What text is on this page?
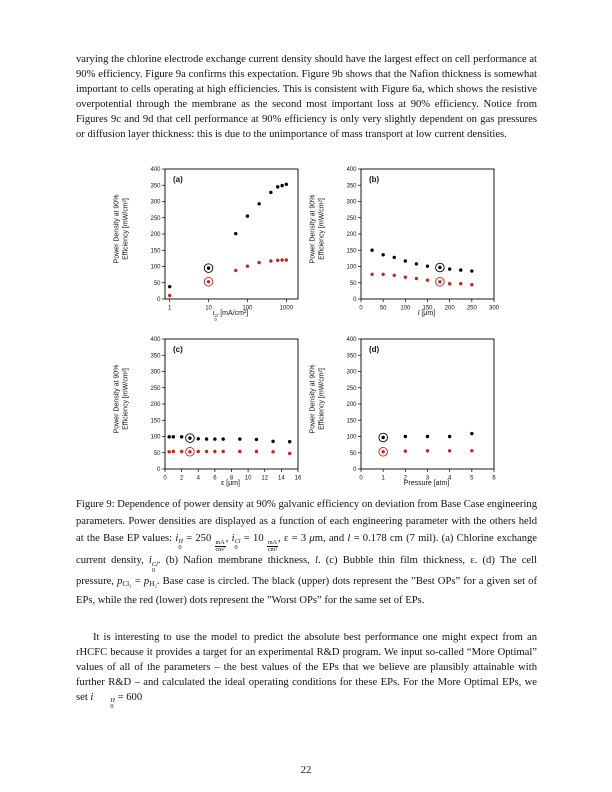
varying the chlorine electrode exchange current density should have the largest effect on cell performance at 90% efficiency. Figure 9a confirms this expectation. Figure 9b shows that the Nafion thickness is somewhat important to cells operating at high efficiencies. This is consistent with Figure 6a, which shows the resistive overpotential through the membrane as the second most important loss at 90% efficiency. Notice from Figures 9c and 9d that cell performance at 90% efficiency is only very slightly dependent on gas pressures or diffusion layer thickness: this is due to the unimportance of mass transport at low current densities.

Power Density at 90% Efficiency [mW/cm²]
0
50
100
150
200
250
300
350
400
1	10	100	1000
(a)
i Cl
0
[mA/cm²]
Power Density at 90% Efficiency [mW/cm²]
0
50
100
150
200
250
300
350
400
0	50 100 150 200 250 300
(b)
l [μm]
Power Density at 90% Efficiency [mW/cm²]
0
50
100
150
200
250
300
350
400
0 2 4 6 8 10 12 14 16
(c)
ε [μm]
Power Density at 90% Efficiency [mW/cm²]
0
50
100
150
200
250
300
350
400
0	1	2	3	4	5	6
(d)
Pressure [atm]

Figure 9: Dependence of power density at 90% galvanic efficiency on deviation from Base Case engineering parameters. Power densities are displayed as a function of each engineering parameter with the others held at the Base EP values: i H
0
= 250
$\frac{mA}{\text{cm²}}$
, i Cl
0
= 10
$\frac{mA}{\text{cm²}}$
, ε = 3 μm, and l = 0.178 cm (7 mil). (a) Chlorine exchange current density, i Cl
0
. (b) Nafion membrane thickness, l. (c) Bubble thin film thickness, ε. (d) The cell pressure, pCl₂ = pH₂. Base case is circled. The black (upper) dots represent the ”Best OPs” for a given set of EPs, while the red (lower) dots represent the ”Worst OPs” for the same set of EPs.

It is interesting to use the model to predict the absolute best performance one might expect from an rHCFC because it provides a target for an experimental R&D program. We input so-called “More Optimal” values of all of the parameters – the best values of the EPs that we believe are plausibly attainable with further R&D – and calculated the ideal operating conditions for these EPs. For the More Optimal EPs, we set i	H
0
= 600

22
